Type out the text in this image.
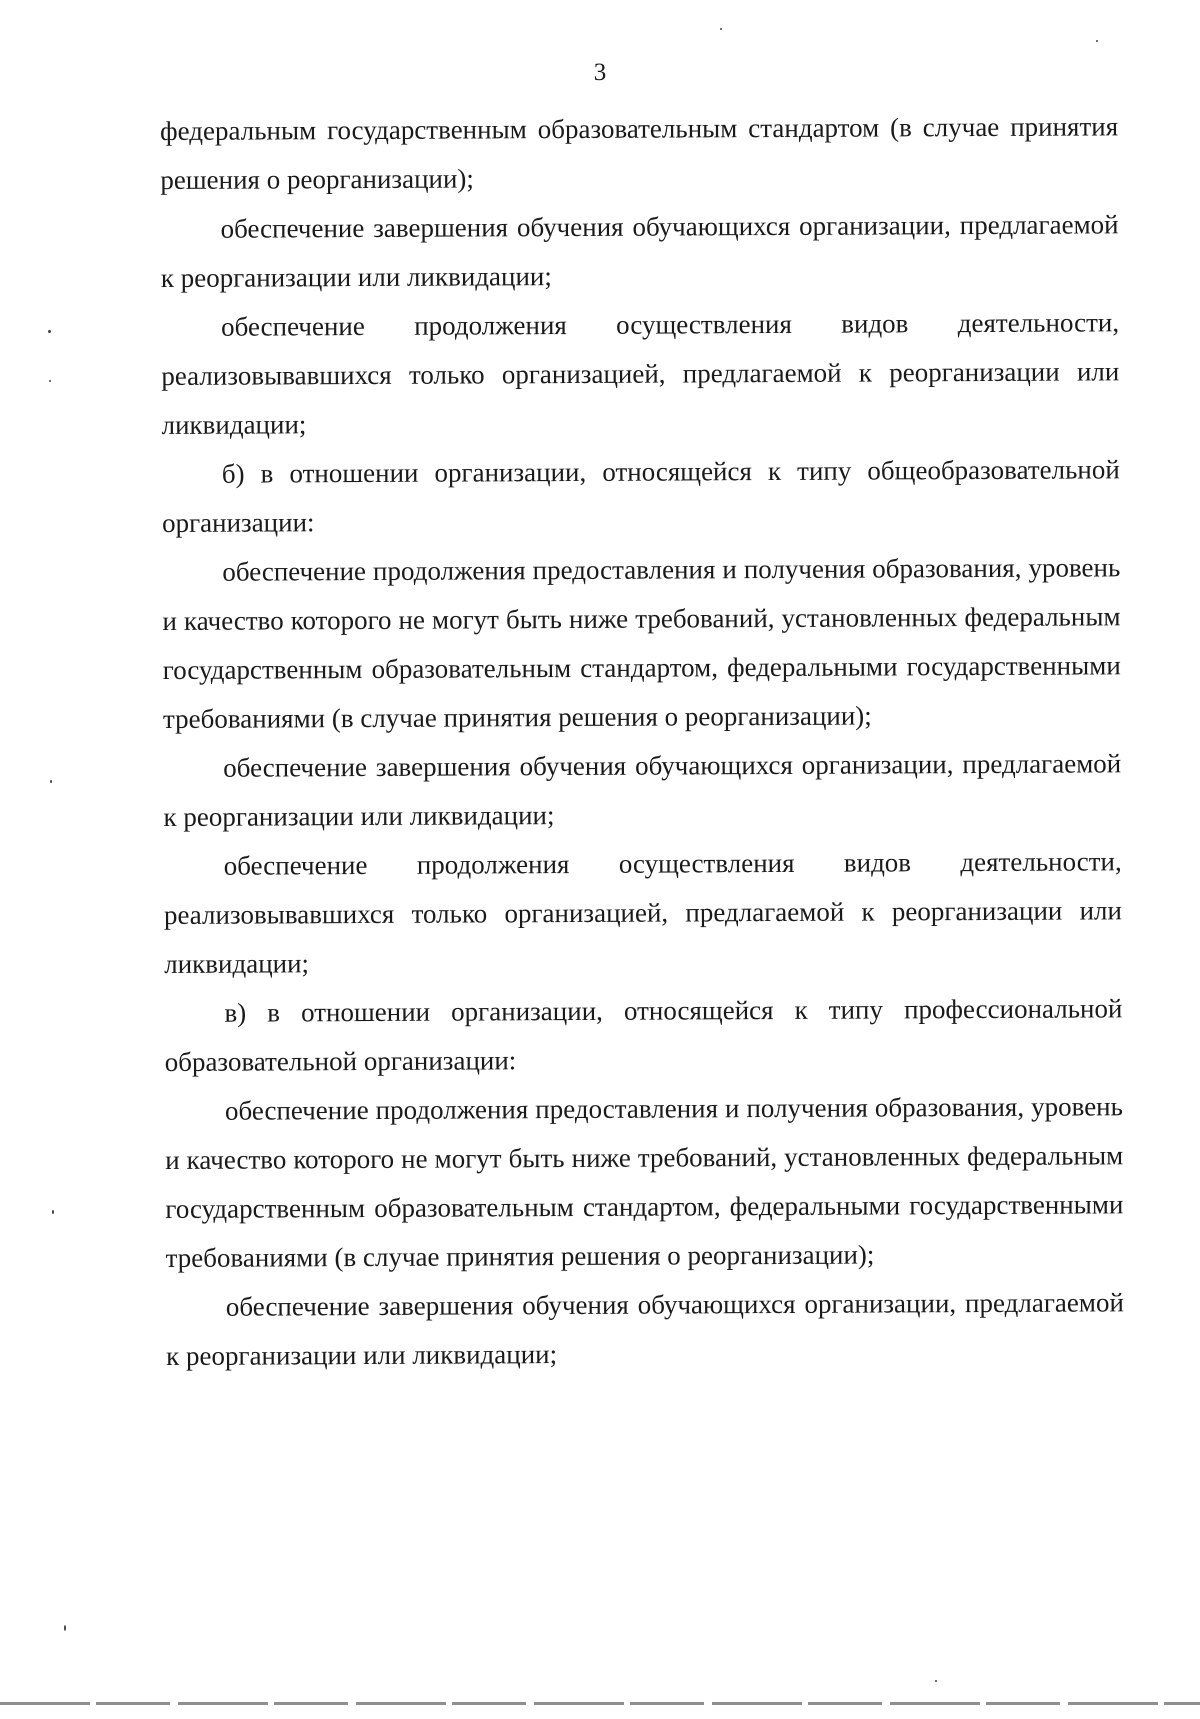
3

федеральным государственным образовательным стандартом (в случае принятия решения о реорганизации);

обеспечение завершения обучения обучающихся организации, предлагаемой к реорганизации или ликвидации;

обеспечение продолжения осуществления видов деятельности, реализовывавшихся только организацией, предлагаемой к реорганизации или ликвидации;

б) в отношении организации, относящейся к типу общеобразовательной организации:

обеспечение продолжения предоставления и получения образования, уровень и качество которого не могут быть ниже требований, установленных федеральным государственным образовательным стандартом, федеральными государственными требованиями (в случае принятия решения о реорганизации);

обеспечение завершения обучения обучающихся организации, предлагаемой к реорганизации или ликвидации;

обеспечение продолжения осуществления видов деятельности, реализовывавшихся только организацией, предлагаемой к реорганизации или ликвидации;

в) в отношении организации, относящейся к типу профессиональной образовательной организации:

обеспечение продолжения предоставления и получения образования, уровень и качество которого не могут быть ниже требований, установленных федеральным государственным образовательным стандартом, федеральными государственными требованиями (в случае принятия решения о реорганизации);

обеспечение завершения обучения обучающихся организации, предлагаемой к реорганизации или ликвидации;
